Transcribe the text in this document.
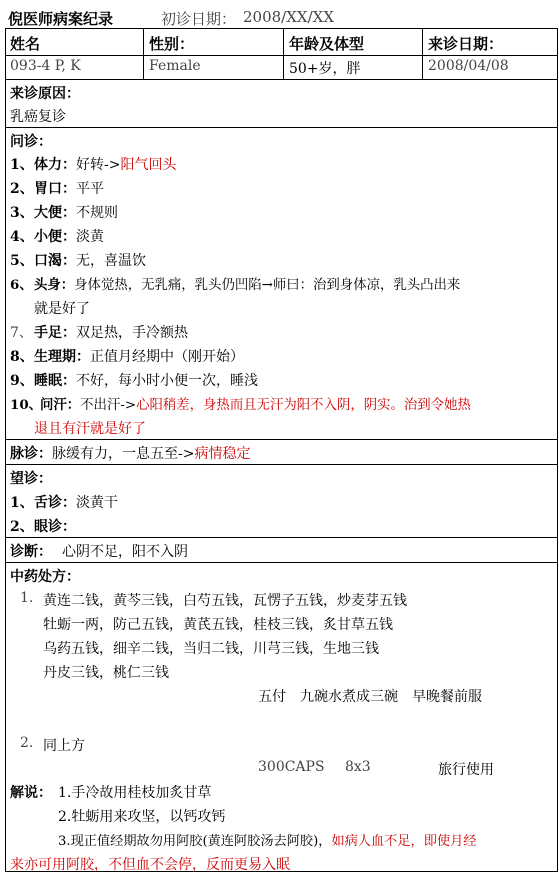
倪医师病案纪录	初诊日期： 2008/XX/XX
姓名	性别：	年龄及体型	来诊日期：
093-4 P, K	Female	50+岁，胖	2008/04/08
来诊原因：
乳癌复诊
问诊：
1、体力：好转->阳气回头
2、胃口：平平
3、大便：不规则
4、小便：淡黄
5、口渴：无，喜温饮
6、头身：身体觉热，无乳痛，乳头仍凹陷→师曰：治到身体凉，乳头凸出来
就是好了
7、手足：双足热，手冷额热
8、生理期：正值月经期中（刚开始）
9、睡眠：不好，每小时小便一次，睡浅
10、问汗：不出汗->心阳稍差，身热而且无汗为阳不入阴，阴实。治到令她热
退且有汗就是好了
脉诊：脉缓有力，一息五至->病情稳定
望诊：
1、舌诊：淡黄干
2、眼诊：
诊断： 心阴不足，阳不入阴
中药处方：
1. 黄连二钱，黄芩三钱，白芍五钱，瓦愣子五钱，炒麦芽五钱
牡蛎一两，防己五钱，黄芪五钱，桂枝三钱，炙甘草五钱
乌药五钱，细辛二钱，当归二钱，川芎三钱，生地三钱
丹皮三钱，桃仁三钱
五付　九碗水煮成三碗　早晚餐前服
2. 同上方
300CAPS 8x3	旅行使用
解说： 1.手冷故用桂枝加炙甘草
2.牡蛎用来攻坚，以钙攻钙
3.现正值经期故勿用阿胶(黄连阿胶汤去阿胶)，如病人血不足，即使月经
来亦可用阿胶，不但血不会停，反而更易入眠
